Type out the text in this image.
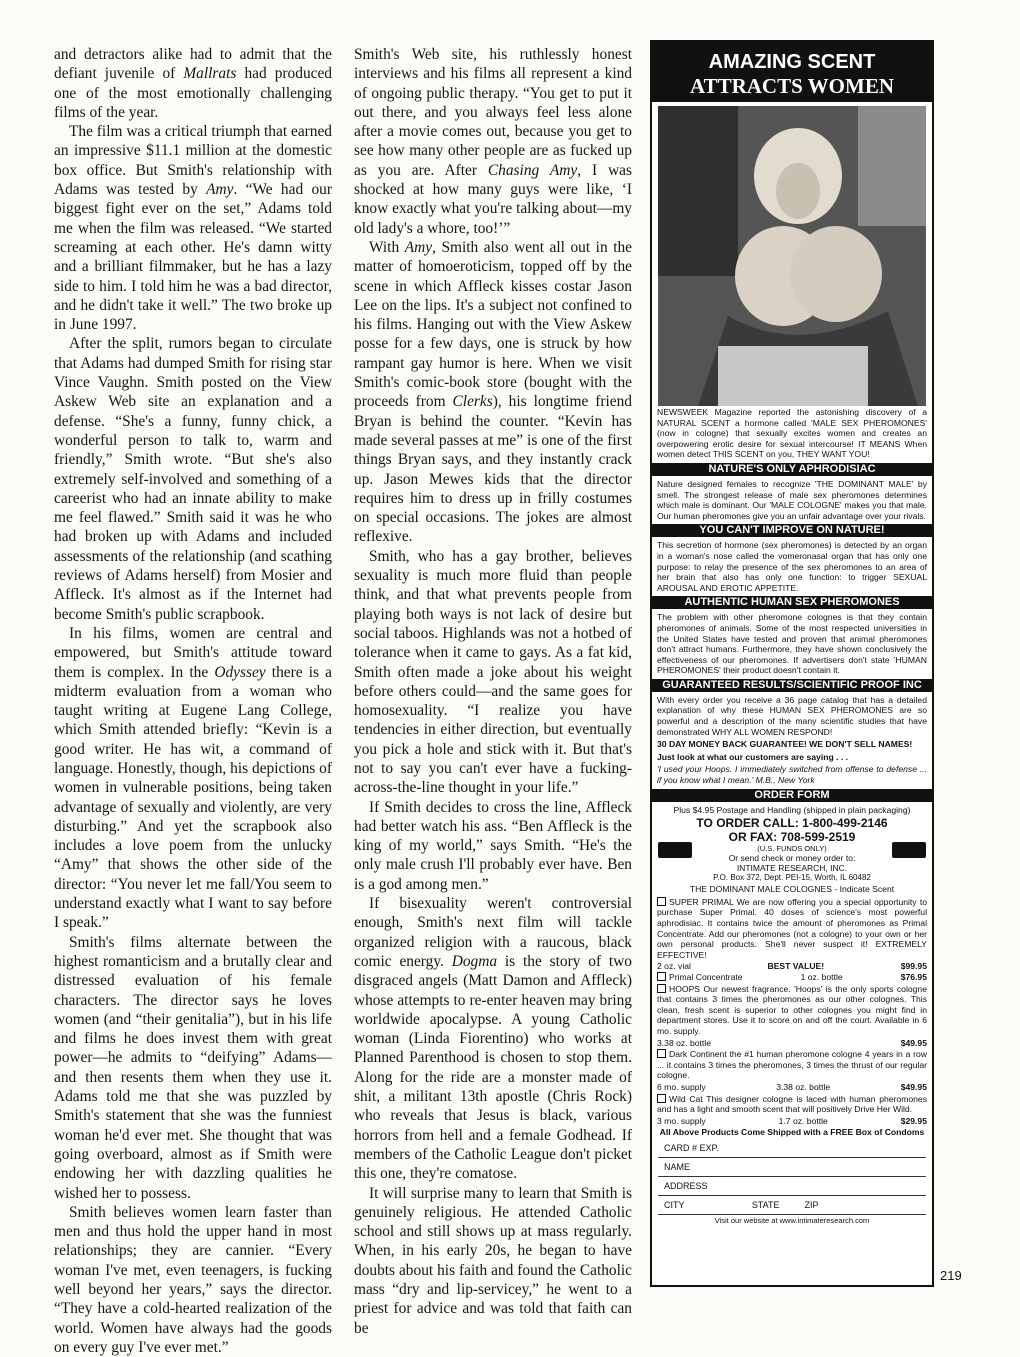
and detractors alike had to admit that the defiant juvenile of Mallrats had produced one of the most emotionally challenging films of the year.

The film was a critical triumph that earned an impressive $11.1 million at the domestic box office. But Smith's relationship with Adams was tested by Amy. “We had our biggest fight ever on the set,” Adams told me when the film was released. “We started screaming at each other. He's damn witty and a brilliant filmmaker, but he has a lazy side to him. I told him he was a bad director, and he didn't take it well.” The two broke up in June 1997.

After the split, rumors began to circulate that Adams had dumped Smith for rising star Vince Vaughn. Smith posted on the View Askew Web site an explanation and a defense. “She's a funny, funny chick, a wonderful person to talk to, warm and friendly,” Smith wrote. “But she's also extremely self-involved and something of a careerist who had an innate ability to make me feel flawed.” Smith said it was he who had broken up with Adams and included assessments of the relationship (and scathing reviews of Adams herself) from Mosier and Affleck. It's almost as if the Internet had become Smith's public scrapbook.

In his films, women are central and empowered, but Smith's attitude toward them is complex. In the Odyssey there is a midterm evaluation from a woman who taught writing at Eugene Lang College, which Smith attended briefly: “Kevin is a good writer. He has wit, a command of language. Honestly, though, his depictions of women in vulnerable positions, being taken advantage of sexually and violently, are very disturbing.” And yet the scrapbook also includes a love poem from the unlucky “Amy” that shows the other side of the director: “You never let me fall/You seem to understand exactly what I want to say before I speak.”

Smith's films alternate between the highest romanticism and a brutally clear and distressed evaluation of his female characters. The director says he loves women (and “their genitalia”), but in his life and films he does invest them with great power—he admits to “deifying” Adams—and then resents them when they use it. Adams told me that she was puzzled by Smith's statement that she was the funniest woman he'd ever met. She thought that was going overboard, almost as if Smith were endowing her with dazzling qualities he wished her to possess.

Smith believes women learn faster than men and thus hold the upper hand in most relationships; they are cannier. “Every woman I've met, even teenagers, is fucking well beyond her years,” says the director. “They have a cold-hearted realization of the world. Women have always had the goods on every guy I've ever met.”

Smith's Web site, his ruthlessly honest interviews and his films all represent a kind of ongoing public therapy. “You get to put it out there, and you always feel less alone after a movie comes out, because you get to see how many other people are as fucked up as you are. After Chasing Amy, I was shocked at how many guys were like, ‘I know exactly what you're talking about—my old lady's a whore, too!’”

With Amy, Smith also went all out in the matter of homoeroticism, topped off by the scene in which Affleck kisses costar Jason Lee on the lips. It's a subject not confined to his films. Hanging out with the View Askew posse for a few days, one is struck by how rampant gay humor is here. When we visit Smith's comic-book store (bought with the proceeds from Clerks), his longtime friend Bryan is behind the counter. “Kevin has made several passes at me” is one of the first things Bryan says, and they instantly crack up. Jason Mewes kids that the director requires him to dress up in frilly costumes on special occasions. The jokes are almost reflexive.

Smith, who has a gay brother, believes sexuality is much more fluid than people think, and that what prevents people from playing both ways is not lack of desire but social taboos. Highlands was not a hotbed of tolerance when it came to gays. As a fat kid, Smith often made a joke about his weight before others could—and the same goes for homosexuality. “I realize you have tendencies in either direction, but eventually you pick a hole and stick with it. But that's not to say you can't ever have a fucking-across-the-line thought in your life.”

If Smith decides to cross the line, Affleck had better watch his ass. “Ben Affleck is the king of my world,” says Smith. “He's the only male crush I'll probably ever have. Ben is a god among men.”

If bisexuality weren't controversial enough, Smith's next film will tackle organized religion with a raucous, black comic energy. Dogma is the story of two disgraced angels (Matt Damon and Affleck) whose attempts to re-enter heaven may bring worldwide apocalypse. A young Catholic woman (Linda Fiorentino) who works at Planned Parenthood is chosen to stop them. Along for the ride are a monster made of shit, a militant 13th apostle (Chris Rock) who reveals that Jesus is black, various horrors from hell and a female Godhead. If members of the Catholic League don't picket this one, they're comatose.

It will surprise many to learn that Smith is genuinely religious. He attended Catholic school and still shows up at mass regularly. When, in his early 20s, he began to have doubts about his faith and found the Catholic mass “dry and lip-servicey,” he went to a priest for advice and was told that faith can be

AMAZING SCENT
ATTRACTS WOMEN
NEWSWEEK Magazine reported the astonishing discovery of a NATURAL SCENT a hormone called 'MALE SEX PHEROMONES' (now in cologne) that sexually excites women and creates an overpowering erotic desire for sexual intercourse! IT MEANS When women detect THIS SCENT on you, THEY WANT YOU!
NATURE'S ONLY APHRODISIAC
Nature designed females to recognize 'THE DOMINANT MALE' by smell. The strongest release of male sex pheromones determines which male is dominant. Our 'MALE COLOGNE' makes you that male. Our human pheromones give you an unfair advantage over your rivals.
YOU CAN'T IMPROVE ON NATURE!
This secretion of hormone (sex pheromones) is detected by an organ in a woman's nose called the vomeronasal organ that has only one purpose: to relay the presence of the sex pheromones to an area of her brain that also has only one function: to trigger SEXUAL AROUSAL AND EROTIC APPETITE.
AUTHENTIC HUMAN SEX PHEROMONES
The problem with other pheromone colognes is that they contain pheromones of animals. Some of the most respected universities in the United States have tested and proven that animal pheromones don't attract humans. Furthermore, they have shown conclusively the effectiveness of our pheromones. If advertisers don't state 'HUMAN PHEROMONES' their product doesn't contain it.
GUARANTEED RESULTS/SCIENTIFIC PROOF INC
With every order you receive a 36 page catalog that has a detailed explanation of why these HUMAN SEX PHEROMONES are so powerful and a description of the many scientific studies that have demonstrated WHY ALL WOMEN RESPOND!
30 DAY MONEY BACK GUARANTEE! WE DON'T SELL NAMES!
Just look at what our customers are saying . . .
'I used your Hoops. I immediately switched from offense to defense ... if you know what I mean.' M.B., New York
ORDER FORM
Plus $4.95 Postage and Handling (shipped in plain packaging)
TO ORDER CALL: 1-800-499-2146
OR FAX: 708-599-2519
(U.S. FUNDS ONLY)
Or send check or money order to:
INTIMATE RESEARCH, INC.
P.O. Box 372, Dept. PEI-15, Worth, IL 60482
THE DOMINANT MALE COLOGNES - Indicate Scent
SUPER PRIMAL We are now offering you a special opportunity to purchase Super Primal. 40 doses of science's most powerful aphrodisiac. It contains twice the amount of pheromones as Primal Concentrate. Add our pheromones (not a cologne) to your own or her own personal products. She'll never suspect it! EXTREMELY EFFECTIVE!
2 oz. vial	BEST VALUE!	$99.95
Primal Concentrate	1 oz. bottle	$76.95
HOOPS Our newest fragrance. 'Hoops' is the only sports cologne that contains 3 times the pheromones as our other colognes. This clean, fresh scent is superior to other colognes you might find in department stores. Use it to score on and off the court. Available in 6 mo. supply.
3.38 oz. bottle	$49.95
Dark Continent the #1 human pheromone cologne 4 years in a row ... it contains 3 times the pheromones, 3 times the thrust of our regular cologne.
6 mo. supply	3.38 oz. bottle	$49.95
Wild Cat This designer cologne is laced with human pheromones and has a light and smooth scent that will positively Drive Her Wild.
3 mo. supply	1.7 oz. bottle	$29.95
All Above Products Come Shipped with a FREE Box of Condoms
CARD # EXP.
NAME
ADDRESS
CITY                           STATE          ZIP
Visit our website at www.intimateresearch.com
219
